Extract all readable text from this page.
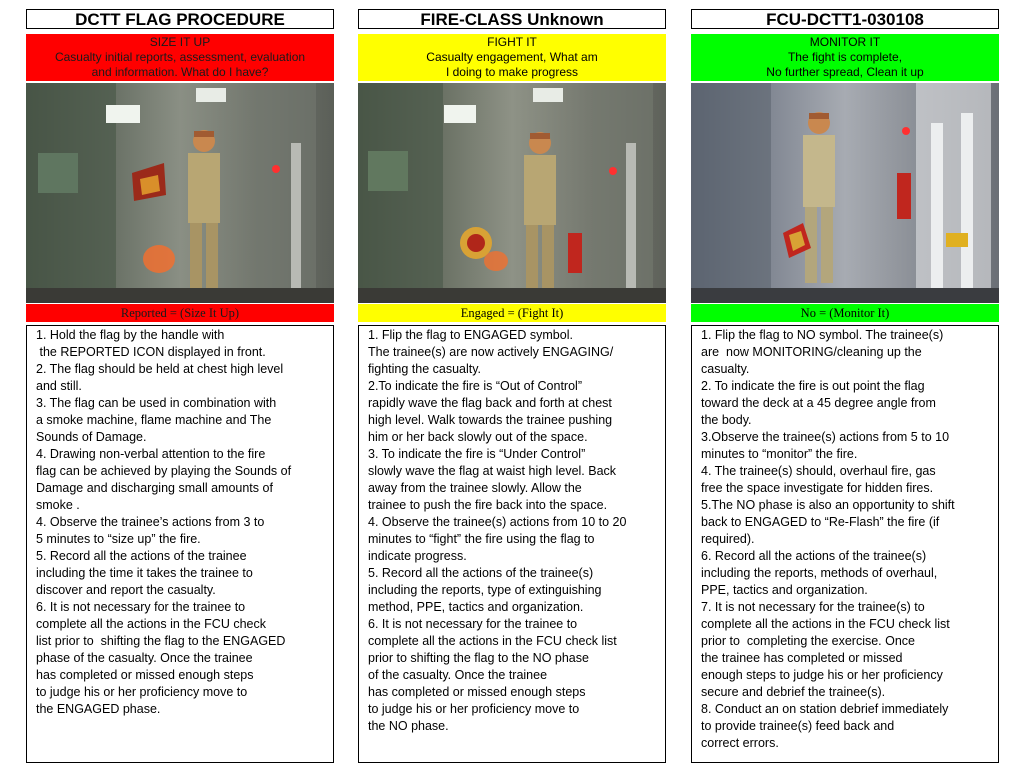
DCTT FLAG PROCEDURE
SIZE IT UP
Casualty initial reports, assessment, evaluation
and information. What do I have?
Reported = (Size It Up)
1. Hold the flag by the handle with
the REPORTED ICON displayed in front.
2. The flag should be held at chest high level
and still.
3. The flag can be used in combination with
a smoke machine, flame machine and The
Sounds of Damage.
4. Drawing non-verbal attention to the fire
flag can be achieved by playing the Sounds of
Damage and discharging small amounts of
smoke .
4. Observe the trainee’s actions from 3 to
5 minutes to “size up” the fire.
5. Record all the actions of the trainee
including the time it takes the trainee to
discover and report the casualty.
6. It is not necessary for the trainee to
complete all the actions in the FCU check
list prior to  shifting the flag to the ENGAGED
phase of the casualty. Once the trainee
has completed or missed enough steps
to judge his or her proficiency move to
the ENGAGED phase.
FIRE-CLASS Unknown
FIGHT IT
Casualty engagement, What am
I doing to make progress
Engaged = (Fight It)
1. Flip the flag to ENGAGED symbol.
The trainee(s) are now actively ENGAGING/
fighting the casualty.
2.To indicate the fire is “Out of Control”
rapidly wave the flag back and forth at chest
high level. Walk towards the trainee pushing
him or her back slowly out of the space.
3. To indicate the fire is “Under Control”
slowly wave the flag at waist high level. Back
away from the trainee slowly. Allow the
trainee to push the fire back into the space.
4. Observe the trainee(s) actions from 10 to 20
minutes to “fight” the fire using the flag to
indicate progress.
5. Record all the actions of the trainee(s)
including the reports, type of extinguishing
method, PPE, tactics and organization.
6. It is not necessary for the trainee to
complete all the actions in the FCU check list
prior to shifting the flag to the NO phase
of the casualty. Once the trainee
has completed or missed enough steps
to judge his or her proficiency move to
the NO phase.
FCU-DCTT1-030108
MONITOR IT
The fight is complete,
No further spread, Clean it up
No = (Monitor It)
1. Flip the flag to NO symbol. The trainee(s)
are  now MONITORING/cleaning up the
casualty.
2. To indicate the fire is out point the flag
toward the deck at a 45 degree angle from
the body.
3.Observe the trainee(s) actions from 5 to 10
minutes to “monitor” the fire.
4. The trainee(s) should, overhaul fire, gas
free the space investigate for hidden fires.
5.The NO phase is also an opportunity to shift
back to ENGAGED to “Re-Flash” the fire (if
required).
6. Record all the actions of the trainee(s)
including the reports, methods of overhaul,
PPE, tactics and organization.
7. It is not necessary for the trainee(s) to
complete all the actions in the FCU check list
prior to  completing the exercise. Once
the trainee has completed or missed
enough steps to judge his or her proficiency
secure and debrief the trainee(s).
8. Conduct an on station debrief immediately
to provide trainee(s) feed back and
correct errors.
